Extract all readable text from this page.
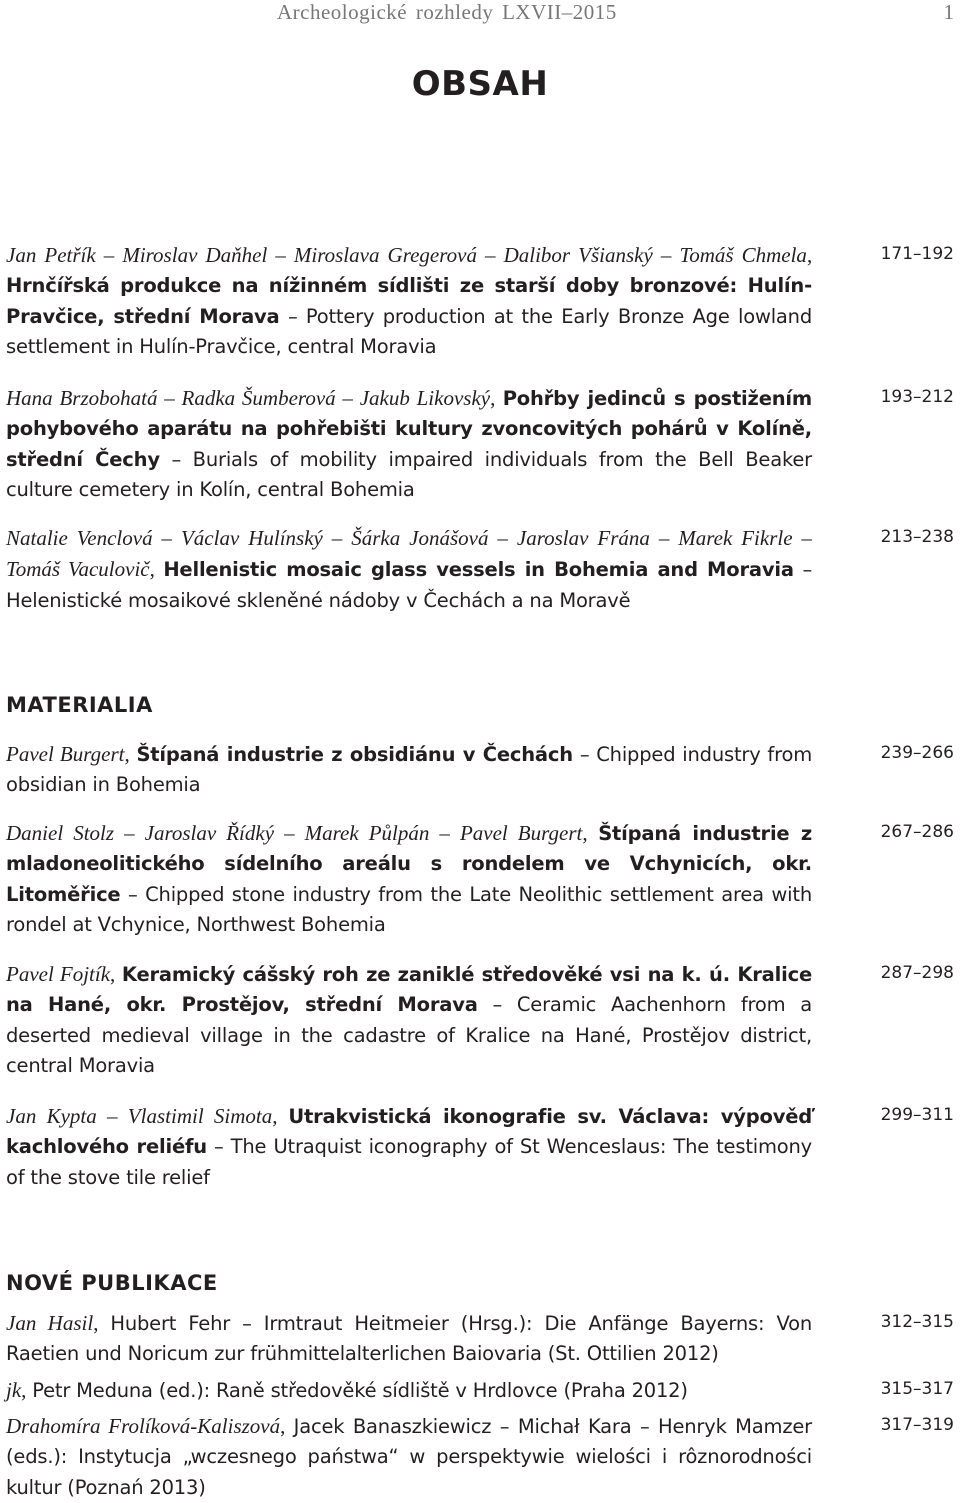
Archeologické rozhledy LXVII–2015	1
OBSAH
Jan Petřík – Miroslav Daňhel – Miroslava Gregerová – Dalibor Všianský – Tomáš Chmela, Hrnčířská produkce na nížinném sídlišti ze starší doby bronzové: Hulín-Pravčice, střední Morava – Pottery production at the Early Bronze Age lowland settlement in Hulín-Pravčice, central Moravia
171–192
Hana Brzobohatá – Radka Šumberová – Jakub Likovský, Pohřby jedinců s postižením pohybového aparátu na pohřebišti kultury zvoncovitých pohárů v Kolíně, střední Čechy – Burials of mobility impaired individuals from the Bell Beaker culture cemetery in Kolín, central Bohemia
193–212
Natalie Venclová – Václav Hulínský – Šárka Jonášová – Jaroslav Frána – Marek Fikrle – Tomáš Vaculovič, Hellenistic mosaic glass vessels in Bohemia and Moravia – Helenistické mosaikové skleněné nádoby v Čechách a na Moravě
213–238
MATERIALIA
Pavel Burgert, Štípaná industrie z obsidiánu v Čechách – Chipped industry from obsidian in Bohemia
239–266
Daniel Stolz – Jaroslav Řídký – Marek Půlpán – Pavel Burgert, Štípaná industrie z mladoneolitického sídelního areálu s rondelem ve Vchynicích, okr. Litoměřice – Chipped stone industry from the Late Neolithic settlement area with rondel at Vchynice, Northwest Bohemia
267–286
Pavel Fojtík, Keramický cášský roh ze zaniklé středověké vsi na k. ú. Kralice na Hané, okr. Prostějov, střední Morava – Ceramic Aachenhorn from a deserted medieval village in the cadastre of Kralice na Hané, Prostějov district, central Moravia
287–298
Jan Kypta – Vlastimil Simota, Utrakvistická ikonografie sv. Václava: výpověď kachlového reliéfu – The Utraquist iconography of St Wenceslaus: The testimony of the stove tile relief
299–311
NOVÉ PUBLIKACE
Jan Hasil, Hubert Fehr – Irmtraut Heitmeier (Hrsg.): Die Anfänge Bayerns: Von Raetien und Noricum zur frühmittelalterlichen Baiovaria (St. Ottilien 2012)
312–315
jk, Petr Meduna (ed.): Raně středověké sídliště v Hrdlovce (Praha 2012)	315–317
Drahomíra Frolíková-Kaliszová, Jacek Banaszkiewicz – Michał Kara – Henryk Mamzer (eds.): Instytucja „wczesnego państwa“ w perspektywie wielości i rôznorodności kultur (Poznań 2013)
317–319
